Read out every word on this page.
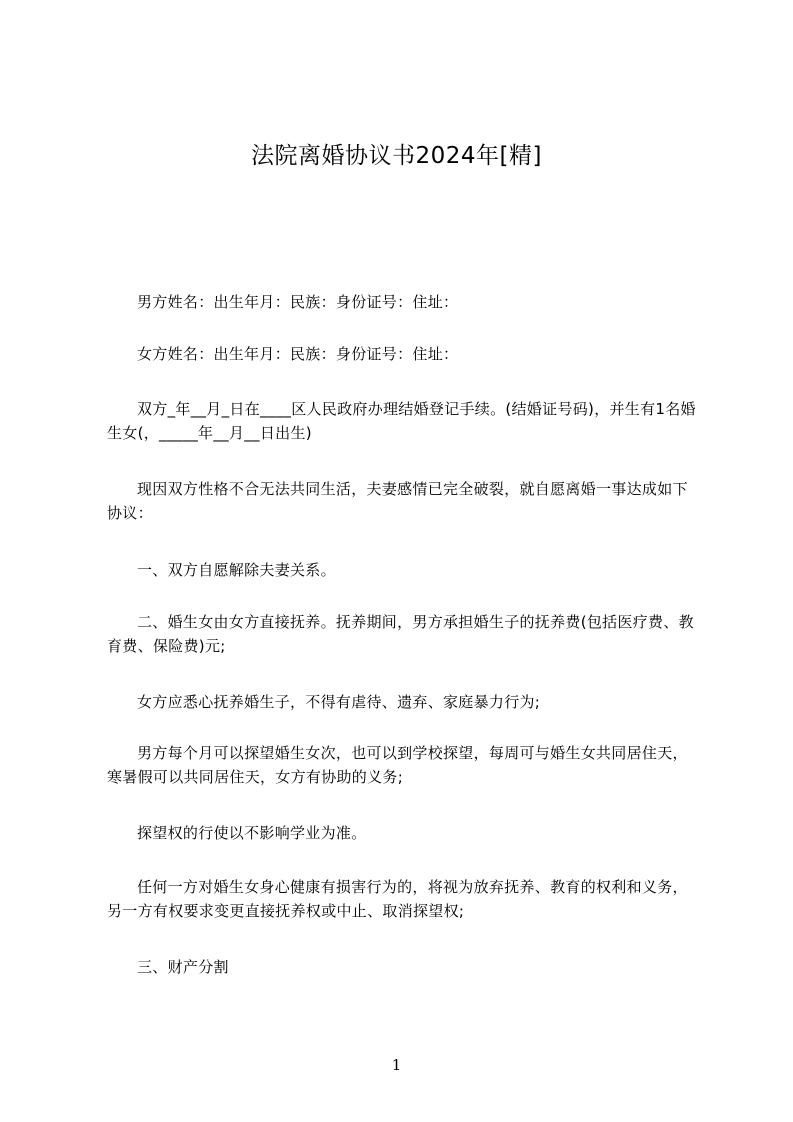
法院离婚协议书2024年[精]
男方姓名：出生年月：民族：身份证号：住址：
女方姓名：出生年月：民族：身份证号：住址：
双方_年__月_日在____区人民政府办理结婚登记手续。(结婚证号码)，并生有1名婚生女(，_____年__月__日出生)
现因双方性格不合无法共同生活，夫妻感情已完全破裂，就自愿离婚一事达成如下协议：
一、双方自愿解除夫妻关系。
二、婚生女由女方直接抚养。抚养期间，男方承担婚生子的抚养费(包括医疗费、教育费、保险费)元;
女方应悉心抚养婚生子，不得有虐待、遗弃、家庭暴力行为;
男方每个月可以探望婚生女次，也可以到学校探望，每周可与婚生女共同居住天，寒暑假可以共同居住天，女方有协助的义务;
探望权的行使以不影响学业为准。
任何一方对婚生女身心健康有损害行为的，将视为放弃抚养、教育的权利和义务，另一方有权要求变更直接抚养权或中止、取消探望权;
三、财产分割
1
